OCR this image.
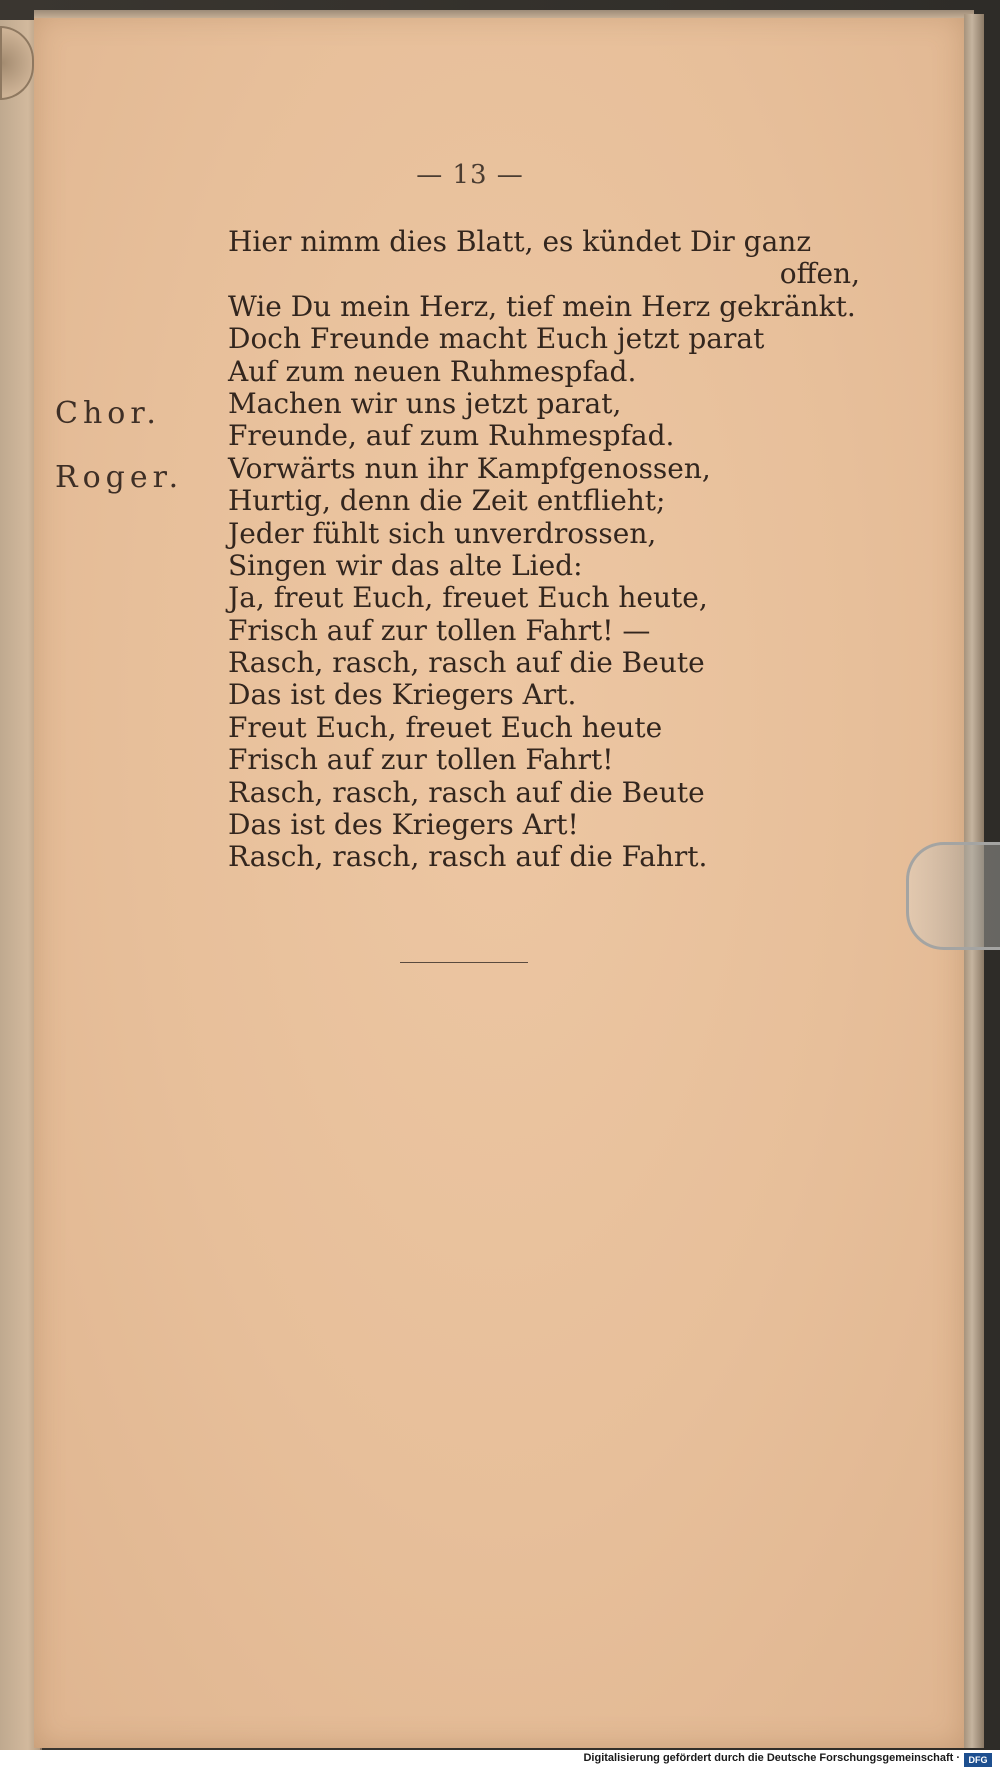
— 13 —
Chor.
Roger.
Hier nimm dies Blatt, es kündet Dir ganz
offen,
Wie Du mein Herz, tief mein Herz gekränkt.
Doch Freunde macht Euch jetzt parat
Auf zum neuen Ruhmespfad.
Machen wir uns jetzt parat,
Freunde, auf zum Ruhmespfad.
Vorwärts nun ihr Kampfgenossen,
Hurtig, denn die Zeit entflieht;
Jeder fühlt sich unverdrossen,
Singen wir das alte Lied:
Ja, freut Euch, freuet Euch heute,
Frisch auf zur tollen Fahrt! —
Rasch, rasch, rasch auf die Beute
Das ist des Kriegers Art.
Freut Euch, freuet Euch heute
Frisch auf zur tollen Fahrt!
Rasch, rasch, rasch auf die Beute
Das ist des Kriegers Art!
Rasch, rasch, rasch auf die Fahrt.
Digitalisierung gefördert durch die Deutsche Forschungsgemeinschaft · DFG
